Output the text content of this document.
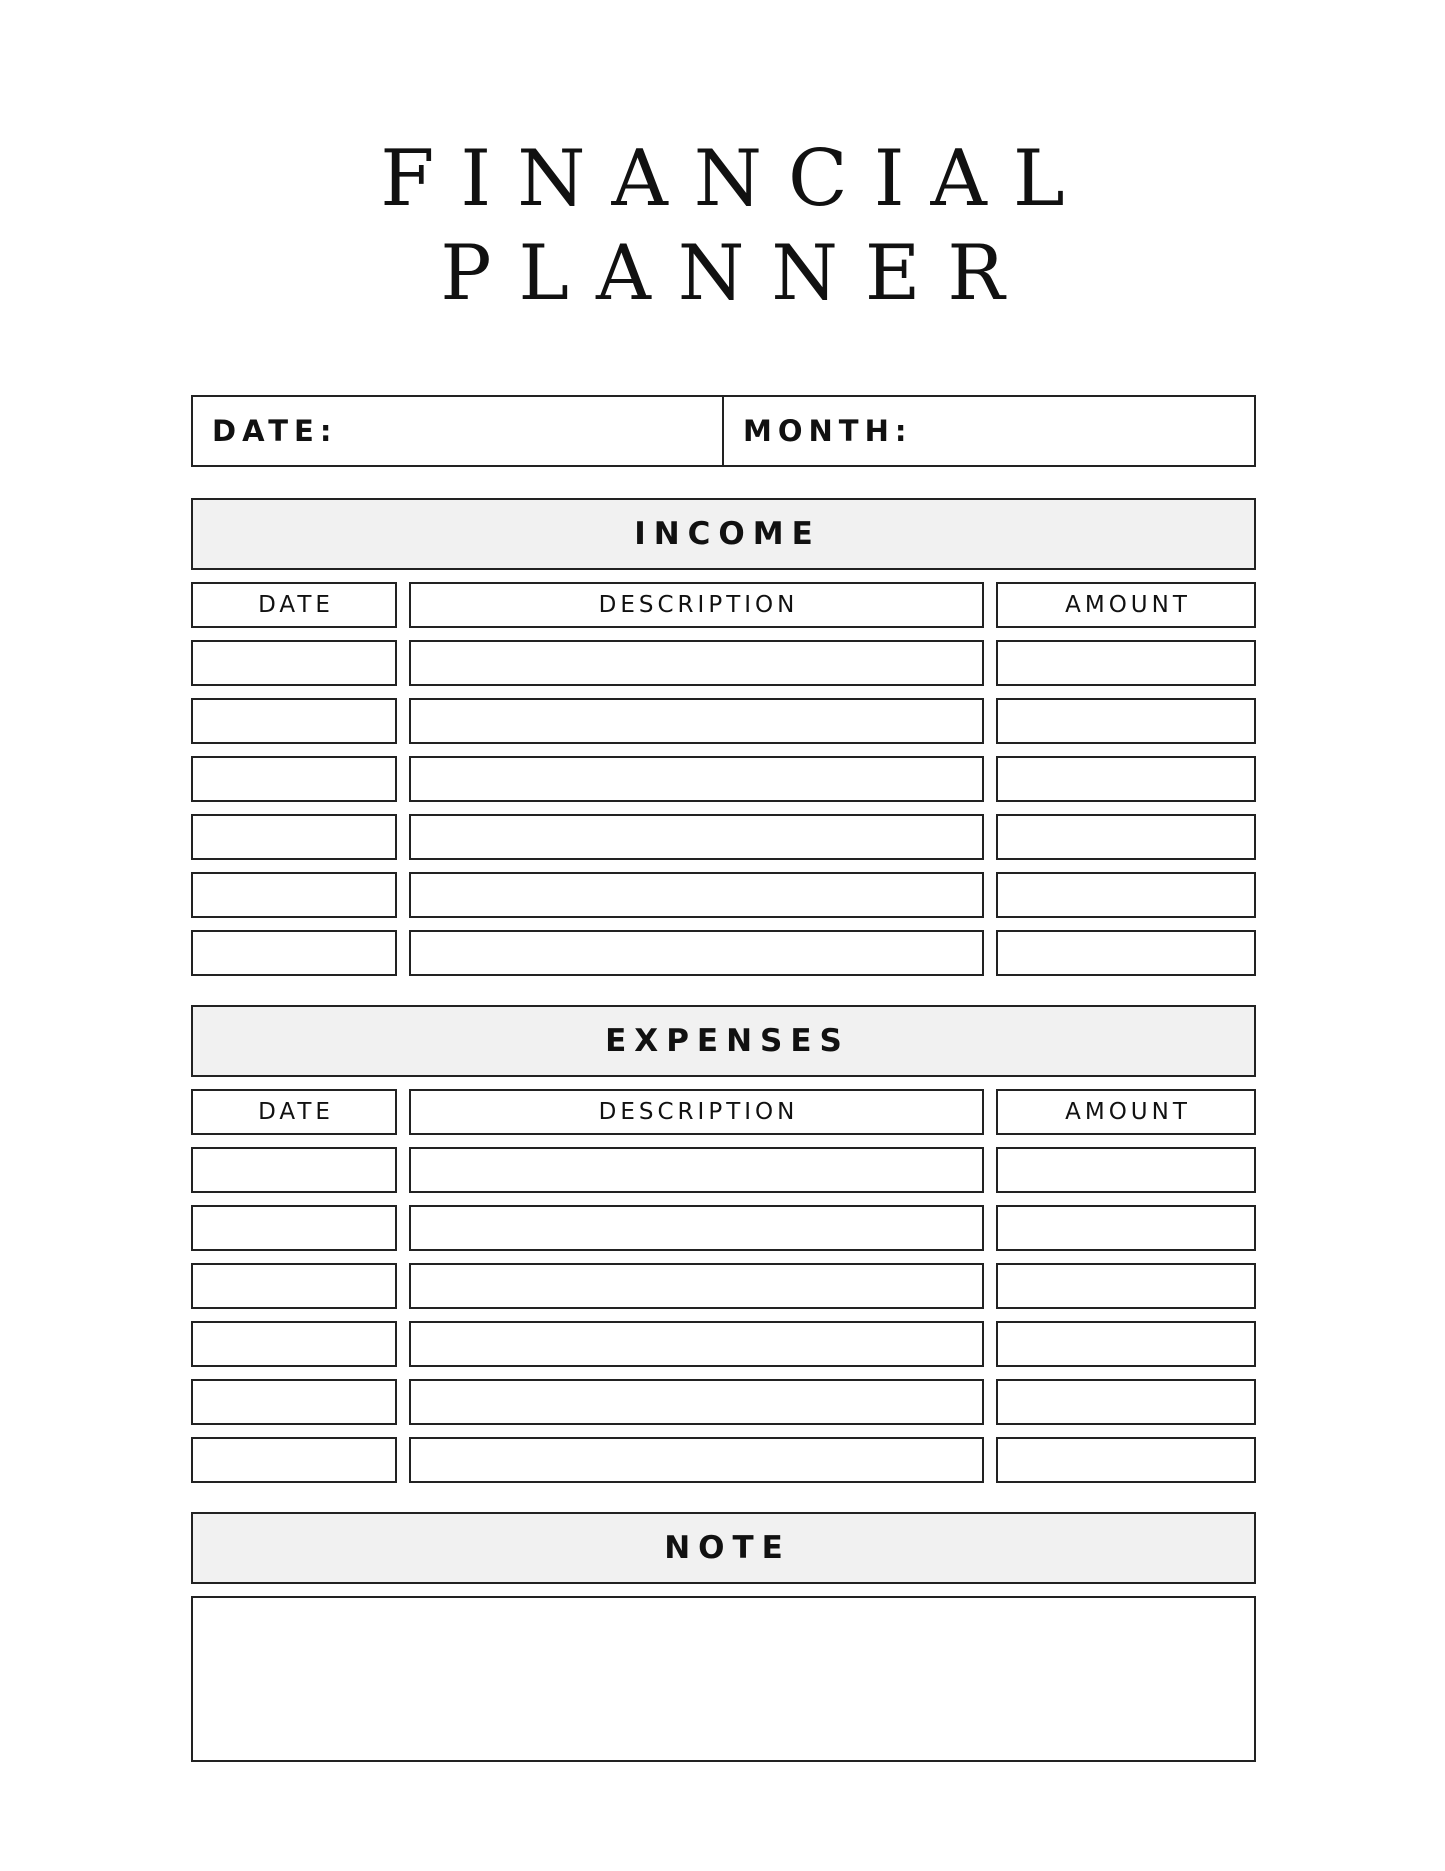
FINANCIAL
PLANNER
DATE:	MONTH:
INCOME
DATE	DESCRIPTION	AMOUNT
EXPENSES
DATE	DESCRIPTION	AMOUNT
NOTE
